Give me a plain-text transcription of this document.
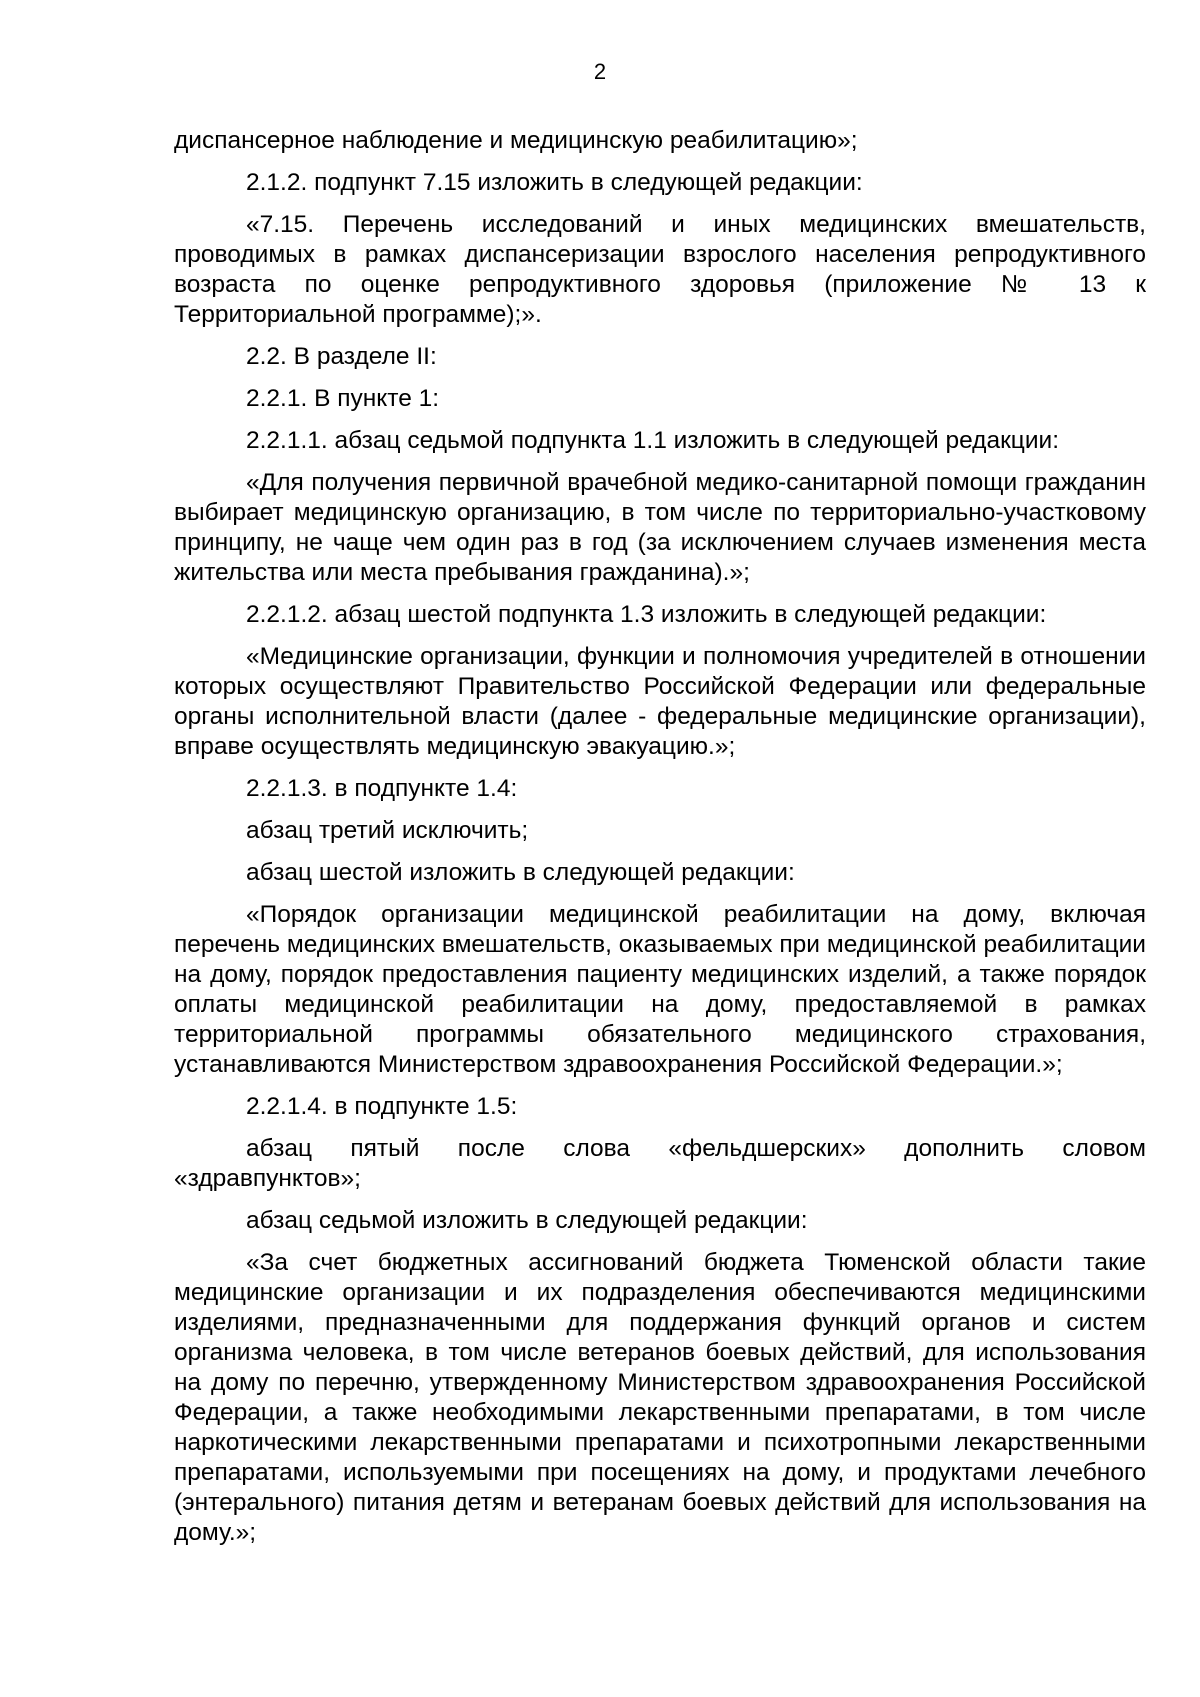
2

диспансерное наблюдение и медицинскую реабилитацию»;

2.1.2. подпункт 7.15 изложить в следующей редакции:

«7.15. Перечень исследований и иных медицинских вмешательств, проводимых в рамках диспансеризации взрослого населения репродуктивного возраста по оценке репродуктивного здоровья (приложение № 13 к Территориальной программе);».

2.2. В разделе II:

2.2.1. В пункте 1:

2.2.1.1. абзац седьмой подпункта 1.1 изложить в следующей редакции:

«Для получения первичной врачебной медико-санитарной помощи гражданин выбирает медицинскую организацию, в том числе по территориально-участковому принципу, не чаще чем один раз в год (за исключением случаев изменения места жительства или места пребывания гражданина).»;

2.2.1.2. абзац шестой подпункта 1.3 изложить в следующей редакции:

«Медицинские организации, функции и полномочия учредителей в отношении которых осуществляют Правительство Российской Федерации или федеральные органы исполнительной власти (далее - федеральные медицинские организации), вправе осуществлять медицинскую эвакуацию.»;

2.2.1.3. в подпункте 1.4:

абзац третий исключить;

абзац шестой изложить в следующей редакции:

«Порядок организации медицинской реабилитации на дому, включая перечень медицинских вмешательств, оказываемых при медицинской реабилитации на дому, порядок предоставления пациенту медицинских изделий, а также порядок оплаты медицинской реабилитации на дому, предоставляемой в рамках территориальной программы обязательного медицинского страхования, устанавливаются Министерством здравоохранения Российской Федерации.»;

2.2.1.4. в подпункте 1.5:

абзац пятый после слова «фельдшерских» дополнить словом «здравпунктов»;

абзац седьмой изложить в следующей редакции:

«За счет бюджетных ассигнований бюджета Тюменской области такие медицинские организации и их подразделения обеспечиваются медицинскими изделиями, предназначенными для поддержания функций органов и систем организма человека, в том числе ветеранов боевых действий, для использования на дому по перечню, утвержденному Министерством здравоохранения Российской Федерации, а также необходимыми лекарственными препаратами, в том числе наркотическими лекарственными препаратами и психотропными лекарственными препаратами, используемыми при посещениях на дому, и продуктами лечебного (энтерального) питания детям и ветеранам боевых действий для использования на дому.»;
